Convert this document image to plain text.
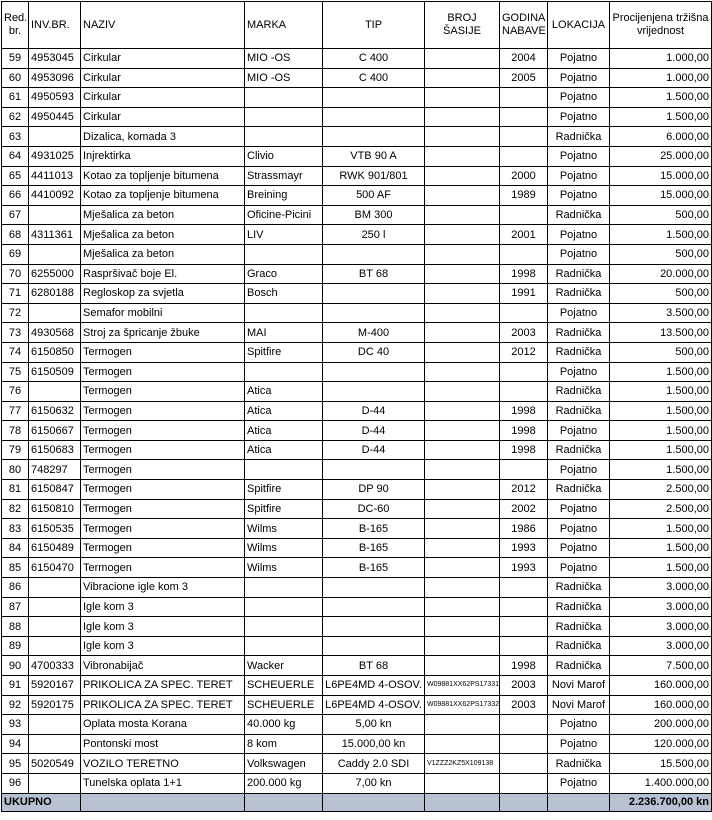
Red. br.	INV.BR.	NAZIV	MARKA	TIP	BROJ ŠASIJE	GODINA NABAVE	LOKACIJA	Procijenjena tržišna vrijednost
59	4953045	Cirkular	MIO -OS	C 400		2004	Pojatno	1.000,00
60	4953096	Cirkular	MIO -OS	C 400		2005	Pojatno	1.000,00
61	4950593	Cirkular					Pojatno	1.500,00
62	4950445	Cirkular					Pojatno	1.500,00
63		Dizalica, komada 3					Radnička	6.000,00
64	4931025	Injrektirka	Clivio	VTB 90 A			Pojatno	25.000,00
65	4411013	Kotao za topljenje bitumena	Strassmayr	RWK 901/801		2000	Pojatno	15.000,00
66	4410092	Kotao za topljenje bitumena	Breining	500 AF		1989	Pojatno	15.000,00
67		Mješalica za beton	Oficine-Picini	BM 300			Radnička	500,00
68	4311361	Mješalica za beton	LIV	250 l		2001	Pojatno	1.500,00
69		Mješalica za beton					Pojatno	500,00
70	6255000	Raspršivač boje El.	Graco	BT 68		1998	Radnička	20.000,00
71	6280188	Regloskop za svjetla	Bosch			1991	Radnička	500,00
72		Semafor mobilni					Pojatno	3.500,00
73	4930568	Stroj za špricanje žbuke	MAI	M-400		2003	Radnička	13.500,00
74	6150850	Termogen	Spitfire	DC 40		2012	Radnička	500,00
75	6150509	Termogen					Pojatno	1.500,00
76		Termogen	Atica				Radnička	1.500,00
77	6150632	Termogen	Atica	D-44		1998	Radnička	1.500,00
78	6150667	Termogen	Atica	D-44		1998	Pojatno	1.500,00
79	6150683	Termogen	Atica	D-44		1998	Radnička	1.500,00
80	748297	Termogen					Pojatno	1.500,00
81	6150847	Termogen	Spitfire	DP 90		2012	Radnička	2.500,00
82	6150810	Termogen	Spitfire	DC-60		2002	Pojatno	2.500,00
83	6150535	Termogen	Wilms	B-165		1986	Pojatno	1.500,00
84	6150489	Termogen	Wilms	B-165		1993	Pojatno	1.500,00
85	6150470	Termogen	Wilms	B-165		1993	Pojatno	1.500,00
86		Vibracione igle kom 3					Radnička	3.000,00
87		Igle kom 3					Radnička	3.000,00
88		Igle kom 3					Radnička	3.000,00
89		Igle kom 3					Radnička	3.000,00
90	4700333	Vibronabijač	Wacker	BT 68		1998	Radnička	7.500,00
91	5920167	PRIKOLICA ZA SPEC. TERET	SCHEUERLE	L6PE4MD 4-OSOV.	W09881XX62PS17331	2003	Novi Marof	160.000,00
92	5920175	PRIKOLICA ZA SPEC. TERET	SCHEUERLE	L6PE4MD 4-OSOV.	W09881XX62PS17332	2003	Novi Marof	160.000,00
93		Oplata mosta Korana	40.000 kg	5,00 kn			Pojatno	200.000,00
94		Pontonski most	8 kom	15.000,00 kn			Pojatno	120.000,00
95	5020549	VOZILO TERETNO	Volkswagen	Caddy 2.0 SDI	V1ZZZ2KZ5X109138		Radnička	15.500,00
96		Tunelska oplata 1+1	200.000 kg	7,00 kn			Pojatno	1.400.000,00
UKUPNO								2.236.700,00 kn
